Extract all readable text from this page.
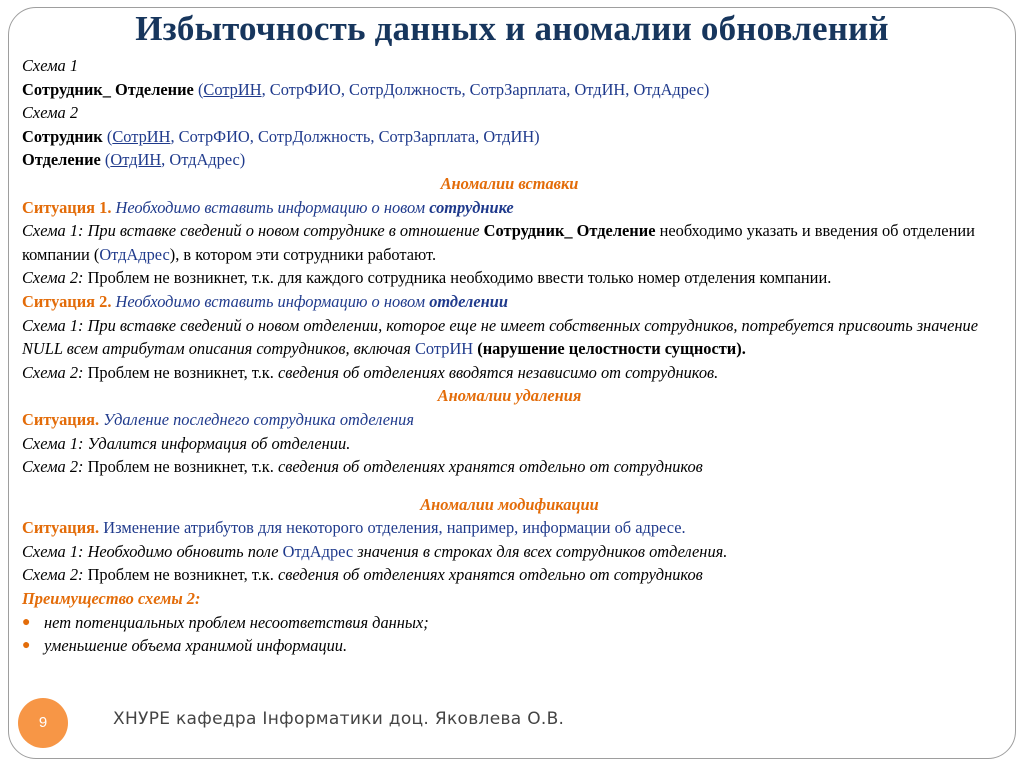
Избыточность данных и аномалии обновлений

Схема 1

Сотрудник_ Отделение (СотрИН, СотрФИО, СотрДолжность, СотрЗарплата, ОтдИН, ОтдАдрес)

Схема 2

Сотрудник (СотрИН, СотрФИО, СотрДолжность, СотрЗарплата, ОтдИН)

Отделение (ОтдИН, ОтдАдрес)

Аномалии вставки

Ситуация 1. Необходимо вставить информацию о новом сотруднике

Схема 1: При вставке сведений о новом сотруднике в отношение Сотрудник_ Отделение необходимо указать и введения об отделении компании (ОтдАдрес), в котором эти сотрудники работают.

Схема 2: Проблем не возникнет, т.к. для каждого сотрудника необходимо ввести только номер отделения компании.

Ситуация 2. Необходимо вставить информацию о новом отделении

Схема 1: При вставке сведений о новом отделении, которое еще не имеет собственных сотрудников, потребуется присвоить значение NULL всем атрибутам описания сотрудников, включая СотрИН (нарушение целостности сущности).

Схема 2: Проблем не возникнет, т.к. сведения об отделениях вводятся независимо от сотрудников.

Аномалии удаления

Ситуация. Удаление последнего сотрудника отделения

Схема 1: Удалится информация об отделении.

Схема 2: Проблем не возникнет, т.к. сведения об отделениях хранятся отдельно от сотрудников

Аномалии модификации

Ситуация. Изменение атрибутов для некоторого отделения, например, информации об адресе.

Схема 1: Необходимо обновить поле ОтдАдрес значения в строках для всех сотрудников отделения.

Схема 2: Проблем не возникнет, т.к. сведения об отделениях хранятся отдельно от сотрудников

Преимущество схемы 2:

● нет потенциальных проблем несоответствия данных;

● уменьшение объема хранимой информации.

9	ХНУРЕ кафедра Інформатики доц. Яковлева О.В.
